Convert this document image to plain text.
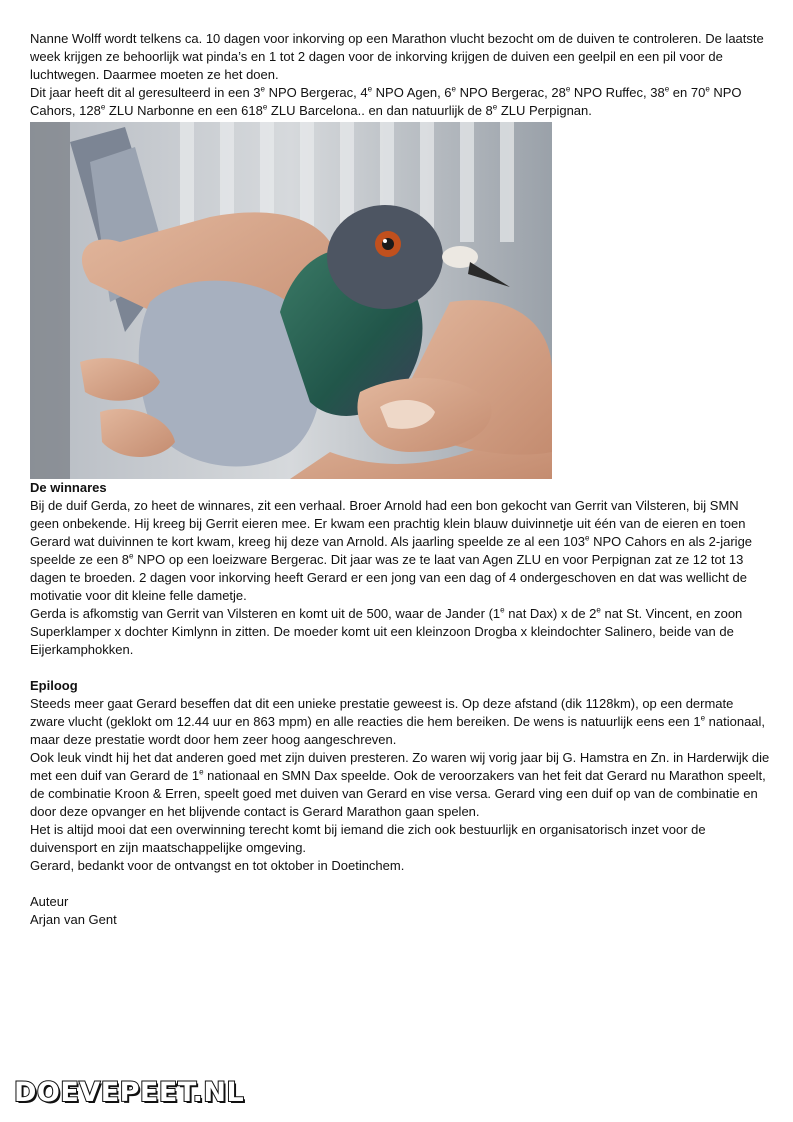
Nanne Wolff wordt telkens ca. 10 dagen voor inkorving op een Marathon vlucht bezocht om de duiven te controleren. De laatste week krijgen ze behoorlijk wat pinda’s en 1 tot 2 dagen voor de inkorving krijgen de duiven een geelpil en een pil voor de luchtwegen. Daarmee moeten ze het doen.

Dit jaar heeft dit al geresulteerd in een 3e NPO Bergerac, 4e NPO Agen, 6e NPO Bergerac, 28e NPO Ruffec, 38e en 70e NPO Cahors, 128e ZLU Narbonne en een 618e ZLU Barcelona.. en dan natuurlijk de 8e ZLU Perpignan.

De winnares

Bij de duif Gerda, zo heet de winnares, zit een verhaal. Broer Arnold had een bon gekocht van Gerrit van Vilsteren, bij SMN geen onbekende. Hij kreeg bij Gerrit eieren mee. Er kwam een prachtig klein blauw duivinnetje uit één van de eieren en toen Gerard wat duivinnen te kort kwam, kreeg hij deze van Arnold. Als jaarling speelde ze al een 103e NPO Cahors en als 2-jarige speelde ze een 8e NPO op een loeizware Bergerac. Dit jaar was ze te laat van Agen ZLU en voor Perpignan zat ze 12 tot 13 dagen te broeden. 2 dagen voor inkorving heeft Gerard er een jong van een dag of 4 ondergeschoven en dat was wellicht de motivatie voor dit kleine felle dametje.

Gerda is afkomstig van Gerrit van Vilsteren en komt uit de 500, waar de Jander (1e nat Dax) x de 2e nat St. Vincent, en zoon Superklamper x dochter Kimlynn in zitten. De moeder komt uit een kleinzoon Drogba x kleindochter Salinero, beide van de Eijerkamphokken.

Epiloog

Steeds meer gaat Gerard beseffen dat dit een unieke prestatie geweest is. Op deze afstand (dik 1128km), op een dermate zware vlucht (geklokt om 12.44 uur en 863 mpm) en alle reacties die hem bereiken. De wens is natuurlijk eens een 1e nationaal, maar deze prestatie wordt door hem zeer hoog aangeschreven.

Ook leuk vindt hij het dat anderen goed met zijn duiven presteren. Zo waren wij vorig jaar bij G. Hamstra en Zn. in Harderwijk die met een duif van Gerard de 1e nationaal en SMN Dax speelde. Ook de veroorzakers van het feit dat Gerard nu Marathon speelt, de combinatie Kroon & Erren, speelt goed met duiven van Gerard en vise versa. Gerard ving een duif op van de combinatie en door deze opvanger en het blijvende contact is Gerard Marathon gaan spelen.

Het is altijd mooi dat een overwinning terecht komt bij iemand die zich ook bestuurlijk en organisatorisch inzet voor de duivensport en zijn maatschappelijke omgeving.

Gerard, bedankt voor de ontvangst en tot oktober in Doetinchem.

Auteur

Arjan van Gent

DOEVEPEET.NL
